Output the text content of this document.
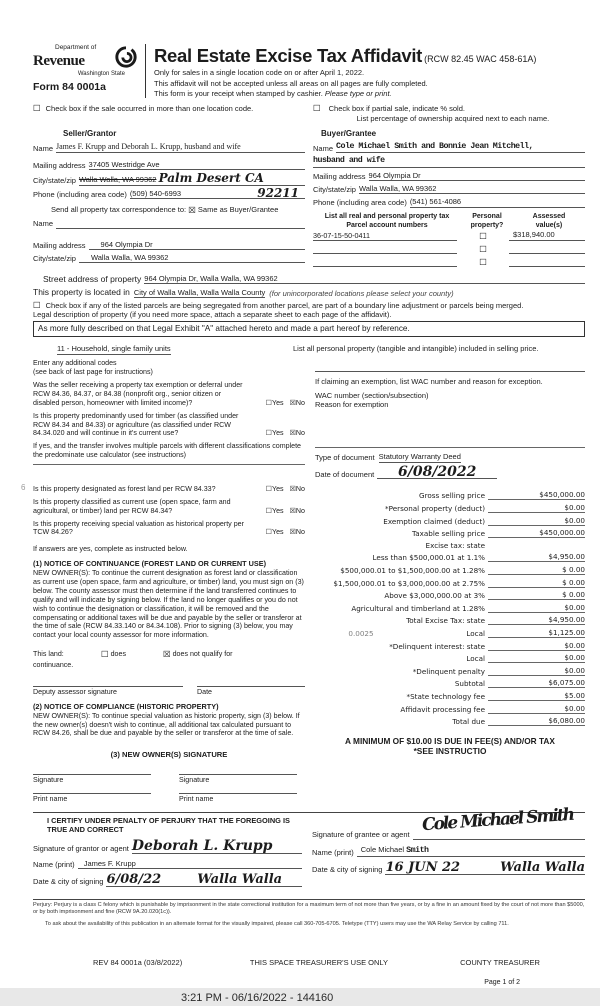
Department of
Revenue
Washington State
Form 84 0001a
Real Estate Excise Tax Affidavit (RCW 82.45 WAC 458-61A)
Only for sales in a single location code on or after April 1, 2022.
This affidavit will not be accepted unless all areas on all pages are fully completed.
This form is your receipt when stamped by cashier. Please type or print.
☐ Check box if the sale occurred in more than one location code.	☐ Check box if partial sale, indicate % sold.
List percentage of ownership acquired next to each name.
Seller/Grantor
Name James F. Krupp and Deborah L. Krupp, husband and wife
Mailing address 37405 Westridge Ave
City/state/zip Walla Walla, WA 99362 Palm Desert CA
Phone (including area code) (509) 540-6993	92211
Send all property tax correspondence to: ☒ Same as Buyer/Grantee
Name
Mailing address	964 Olympia Dr
City/state/zip	Walla Walla, WA 99362
Buyer/Grantee
Name Cole Michael Smith and Bonnie Jean Mitchell,
husband and wife
Mailing address 964 Olympia Dr
City/state/zip Walla Walla, WA 99362
Phone (including area code) (541) 561-4086
List all real and personal property tax
Parcel account numbers
Personal
property?
Assessed
value(s)
36-07-15-50-0411	☐	$318,940.00
☐
☐
Street address of property 964 Olympia Dr, Walla Walla, WA 99362
This property is located in City of Walla Walla, Walla Walla County (for unincorporated locations please select your county)
☐ Check box if any of the listed parcels are being segregated from another parcel, are part of a boundary line adjustment or parcels being merged.
Legal description of property (if you need more space, attach a separate sheet to each page of the affidavit).
As more fully described on that Legal Exhibit "A" attached hereto and made a part hereof by reference.
11 - Household, single family units	List all personal property (tangible and intangible) included in selling price.
Enter any additional codes
(see back of last page for instructions)
Was the seller receiving a property tax exemption or deferral under RCW 84.36, 84.37, or 84.38 (nonprofit org., senior citizen or disabled person, homeowner with limited income)?	☐Yes ☒No
Is this property predominantly used for timber (as classified under RCW 84.34 and 84.33) or agriculture (as classified under RCW 84.34.020 and will continue in it's current use?	☐Yes ☒No
If yes, and the transfer involves multiple parcels with different classifications complete the predominate use calculator (see instructions)
6 Is this property designated as forest land per RCW 84.33?	☐Yes ☒No
Is this property classified as current use (open space, farm and agricultural, or timber) land per RCW 84.34?	☐Yes ☒No
Is this property receiving special valuation as historical property per TCW 84.26?	☐Yes ☒No
If answers are yes, complete as instructed below.
(1) NOTICE OF CONTINUANCE (FOREST LAND OR CURRENT USE)
NEW OWNER(S): To continue the current designation as forest land or classification as current use (open space, farm and agriculture, or timber) land, you must sign on (3) below. The county assessor must then determine if the land transferred continues to qualify and will indicate by signing below. If the land no longer qualifies or you do not wish to continue the designation or classification, it will be removed and the compensating or additional taxes will be due and payable by the seller or transferor at the time of sale (RCW 84.33.140 or 84.34.108). Prior to signing (3) below, you may contact your local county assessor for more information.
This land:	☐ does	☒ does not qualify for
continuance.
Deputy assessor signature	Date
(2) NOTICE OF COMPLIANCE (HISTORIC PROPERTY)
NEW OWNER(S): To continue special valuation as historic property, sign (3) below. If the new owner(s) doesn't wish to continue, all additional tax calculated pursuant to RCW 84.26, shall be due and payable by the seller or transferor at the time of sale.
(3) NEW OWNER(S) SIGNATURE
Signature	Signature
Print name	Print name
If claiming an exemption, list WAC number and reason for exception.
WAC number (section/subsection)
Reason for exemption
Type of document Statutory Warranty Deed
Date of document	6/08/2022
Gross selling price	$450,000.00
*Personal property (deduct)	$0.00
Exemption claimed (deduct)	$0.00
Taxable selling price	$450,000.00
Excise tax: state
Less than $500,000.01 at 1.1%	$4,950.00
$500,000.01 to $1,500,000.00 at 1.28%	$ 0.00
$1,500,000.01 to $3,000,000.00 at 2.75%	$ 0.00
Above $3,000,000.00 at 3%	$ 0.00
Agricultural and timberland at 1.28%	$0.00
Total Excise Tax: state	$4,950.00
0.0025	Local	$1,125.00
*Delinquent interest: state	$0.00
Local	$0.00
*Delinquent penalty	$0.00
Subtotal	$6,075.00
*State technology fee	$5.00
Affidavit processing fee	$0.00
Total due	$6,080.00
A MINIMUM OF $10.00 IS DUE IN FEE(S) AND/OR TAX
*SEE INSTRUCTIO
I CERTIFY UNDER PENALTY OF PERJURY THAT THE FOREGOING IS TRUE AND CORRECT
Signature of grantor or agent Deborah L. Krupp
Name (print)	James F. Krupp
Date & city of signing 6/08/22	Walla Walla
Cole Michael Smith
Signature of grantee or agent
Name (print) Cole Michael Smith
Date & city of signing 16 JUN 22	Walla Walla
Perjury: Perjury is a class C felony which is punishable by imprisonment in the state correctional institution for a maximum term of not more than five years, or by a fine in an amount fixed by the court of not more than $5000, or by both imprisonment and fine (RCW 9A.20.020(1c)).
To ask about the availability of this publication in an alternate format for the visually impaired, please call 360-705-6705. Teletype (TTY) users may use the WA Relay Service by calling 711.
REV 84 0001a (03/8/2022)	THIS SPACE TREASURER'S USE ONLY	COUNTY TREASURER
Page 1 of 2
3:21 PM - 06/16/2022 - 144160
